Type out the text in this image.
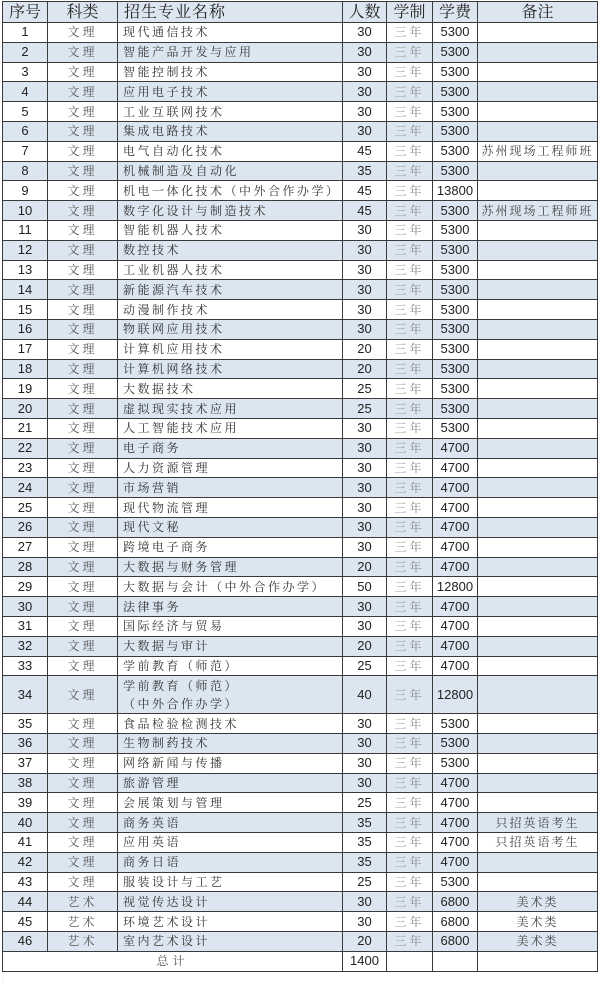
序号	科类	招生专业名称	人数	学制	学费	备注
1	文理	现代通信技术	30	三年	5300	
2	文理	智能产品开发与应用	30	三年	5300	
3	文理	智能控制技术	30	三年	5300	
4	文理	应用电子技术	30	三年	5300	
5	文理	工业互联网技术	30	三年	5300	
6	文理	集成电路技术	30	三年	5300	
7	文理	电气自动化技术	45	三年	5300	苏州现场工程师班
8	文理	机械制造及自动化	35	三年	5300	
9	文理	机电一体化技术（中外合作办学）	45	三年	13800	
10	文理	数字化设计与制造技术	45	三年	5300	苏州现场工程师班
11	文理	智能机器人技术	30	三年	5300	
12	文理	数控技术	30	三年	5300	
13	文理	工业机器人技术	30	三年	5300	
14	文理	新能源汽车技术	30	三年	5300	
15	文理	动漫制作技术	30	三年	5300	
16	文理	物联网应用技术	30	三年	5300	
17	文理	计算机应用技术	20	三年	5300	
18	文理	计算机网络技术	20	三年	5300	
19	文理	大数据技术	25	三年	5300	
20	文理	虚拟现实技术应用	25	三年	5300	
21	文理	人工智能技术应用	30	三年	5300	
22	文理	电子商务	30	三年	4700	
23	文理	人力资源管理	30	三年	4700	
24	文理	市场营销	30	三年	4700	
25	文理	现代物流管理	30	三年	4700	
26	文理	现代文秘	30	三年	4700	
27	文理	跨境电子商务	30	三年	4700	
28	文理	大数据与财务管理	20	三年	4700	
29	文理	大数据与会计（中外合作办学）	50	三年	12800	
30	文理	法律事务	30	三年	4700	
31	文理	国际经济与贸易	30	三年	4700	
32	文理	大数据与审计	20	三年	4700	
33	文理	学前教育（师范）	25	三年	4700	
34	文理	学前教育（师范）
（中外合作办学）	40	三年	12800	
35	文理	食品检验检测技术	30	三年	5300	
36	文理	生物制药技术	30	三年	5300	
37	文理	网络新闻与传播	30	三年	5300	
38	文理	旅游管理	30	三年	4700	
39	文理	会展策划与管理	25	三年	4700	
40	文理	商务英语	35	三年	4700	只招英语考生
41	文理	应用英语	35	三年	4700	只招英语考生
42	文理	商务日语	35	三年	4700	
43	文理	服装设计与工艺	25	三年	5300	
44	艺术	视觉传达设计	30	三年	6800	美术类
45	艺术	环境艺术设计	30	三年	6800	美术类
46	艺术	室内艺术设计	20	三年	6800	美术类
总计			1400			
